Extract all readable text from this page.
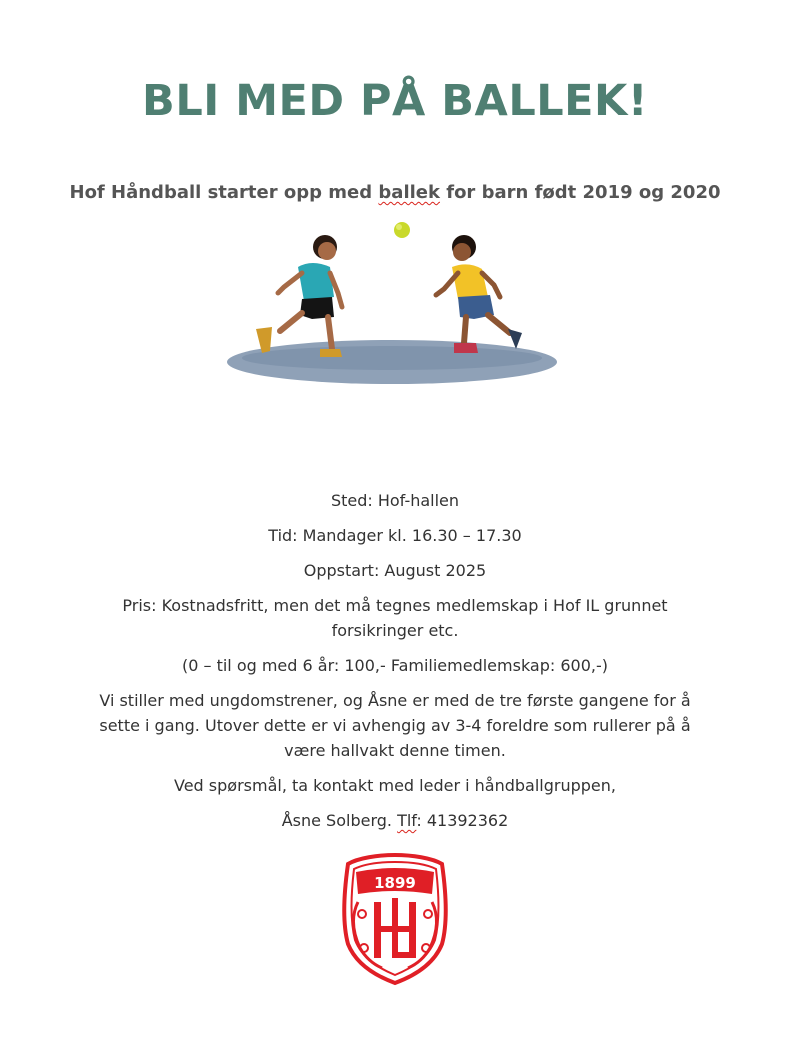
BLI MED PÅ BALLEK!
Hof Håndball starter opp med ballek for barn født 2019 og 2020

Sted: Hof-hallen

Tid: Mandager kl. 16.30 – 17.30

Oppstart: August 2025

Pris: Kostnadsfritt, men det må tegnes medlemskap i Hof IL grunnet forsikringer etc.

(0 – til og med 6 år: 100,- Familiemedlemskap: 600,-)

Vi stiller med ungdomstrener, og Åsne er med de tre første gangene for å sette i gang. Utover dette er vi avhengig av 3-4 foreldre som rullerer på å være hallvakt denne timen.

Ved spørsmål, ta kontakt med leder i håndballgruppen,

Åsne Solberg. Tlf: 41392362

1899
